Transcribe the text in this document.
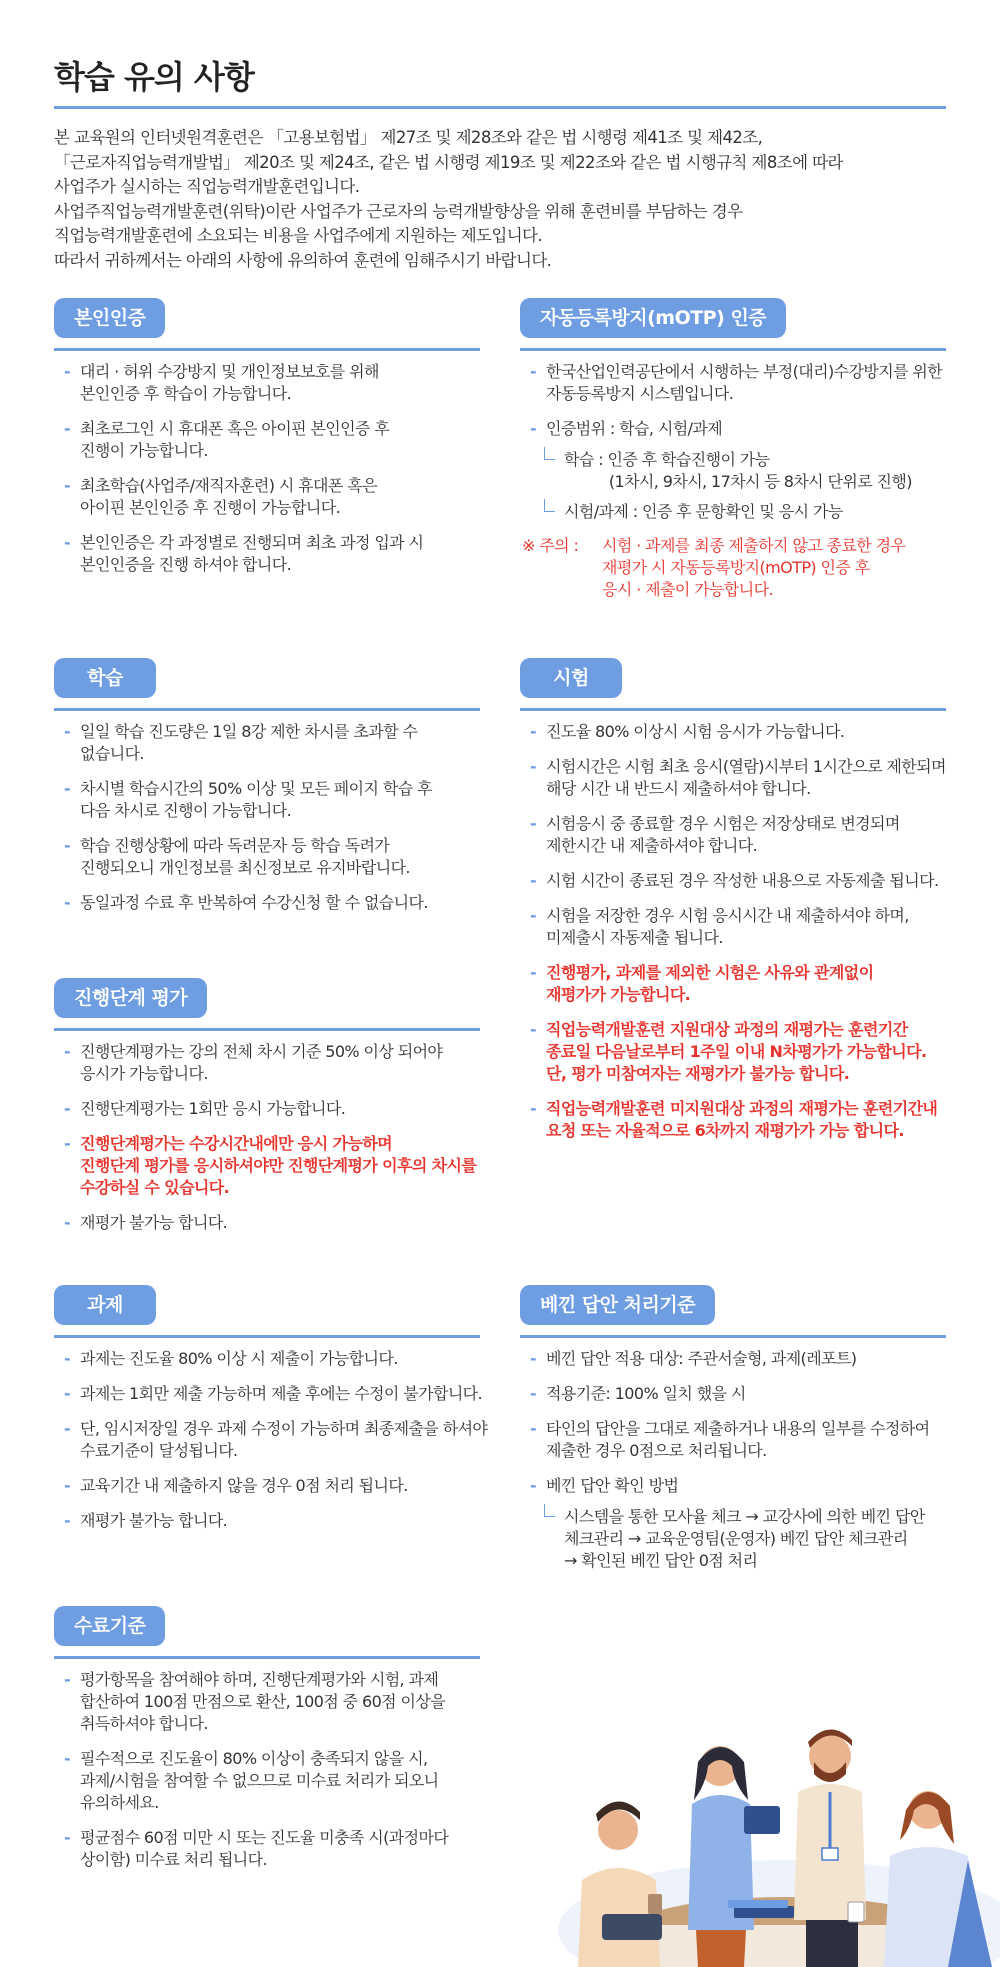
학습 유의 사항
본 교육원의 인터넷원격훈련은 「고용보험법」 제27조 및 제28조와 같은 법 시행령 제41조 및 제42조,
「근로자직업능력개발법」 제20조 및 제24조, 같은 법 시행령 제19조 및 제22조와 같은 법 시행규칙 제8조에 따라
사업주가 실시하는 직업능력개발훈련입니다.
사업주직업능력개발훈련(위탁)이란 사업주가 근로자의 능력개발향상을 위해 훈련비를 부담하는 경우
직업능력개발훈련에 소요되는 비용을 사업주에게 지원하는 제도입니다.
따라서 귀하께서는 아래의 사항에 유의하여 훈련에 임해주시기 바랍니다.
본인인증
- 대리 · 허위 수강방지 및 개인정보보호를 위해
본인인증 후 학습이 가능합니다.
- 최초로그인 시 휴대폰 혹은 아이핀 본인인증 후
진행이 가능합니다.
- 최초학습(사업주/재직자훈련) 시 휴대폰 혹은
아이핀 본인인증 후 진행이 가능합니다.
- 본인인증은 각 과정별로 진행되며 최초 과정 입과 시
본인인증을 진행 하셔야 합니다.
자동등록방지(mOTP) 인증
- 한국산업인력공단에서 시행하는 부정(대리)수강방지를 위한
자동등록방지 시스템입니다.
- 인증범위 : 학습, 시험/과제
학습 : 인증 후 학습진행이 가능
(1차시, 9차시, 17차시 등 8차시 단위로 진행)
시험/과제 : 인증 후 문항확인 및 응시 가능
※ 주의 : 시험 · 과제를 최종 제출하지 않고 종료한 경우
재평가 시 자동등록방지(mOTP) 인증 후
응시 · 제출이 가능합니다.
학습
- 일일 학습 진도량은 1일 8강 제한 차시를 초과할 수
없습니다.
- 차시별 학습시간의 50% 이상 및 모든 페이지 학습 후
다음 차시로 진행이 가능합니다.
- 학습 진행상황에 따라 독려문자 등 학습 독려가
진행되오니 개인정보를 최신정보로 유지바랍니다.
- 동일과정 수료 후 반복하여 수강신청 할 수 없습니다.
시험
- 진도율 80% 이상시 시험 응시가 가능합니다.
- 시험시간은 시험 최초 응시(열람)시부터 1시간으로 제한되며
해당 시간 내 반드시 제출하셔야 합니다.
- 시험응시 중 종료할 경우 시험은 저장상태로 변경되며
제한시간 내 제출하셔야 합니다.
- 시험 시간이 종료된 경우 작성한 내용으로 자동제출 됩니다.
- 시험을 저장한 경우 시험 응시시간 내 제출하셔야 하며,
미제출시 자동제출 됩니다.
- 진행평가, 과제를 제외한 시험은 사유와 관계없이
재평가가 가능합니다.
- 직업능력개발훈련 지원대상 과정의 재평가는 훈련기간
종료일 다음날로부터 1주일 이내 N차평가가 가능합니다.
단, 평가 미참여자는 재평가가 불가능 합니다.
- 직업능력개발훈련 미지원대상 과정의 재평가는 훈련기간내
요청 또는 자율적으로 6차까지 재평가가 가능 합니다.
진행단계 평가
- 진행단계평가는 강의 전체 차시 기준 50% 이상 되어야
응시가 가능합니다.
- 진행단계평가는 1회만 응시 가능합니다.
- 진행단계평가는 수강시간내에만 응시 가능하며
진행단계 평가를 응시하셔야만 진행단계평가 이후의 차시를
수강하실 수 있습니다.
- 재평가 불가능 합니다.
과제
- 과제는 진도율 80% 이상 시 제출이 가능합니다.
- 과제는 1회만 제출 가능하며 제출 후에는 수정이 불가합니다.
- 단, 임시저장일 경우 과제 수정이 가능하며 최종제출을 하셔야
수료기준이 달성됩니다.
- 교육기간 내 제출하지 않을 경우 0점 처리 됩니다.
- 재평가 불가능 합니다.
베낀 답안 처리기준
- 베낀 답안 적용 대상: 주관서술형, 과제(레포트)
- 적용기준: 100% 일치 했을 시
- 타인의 답안을 그대로 제출하거나 내용의 일부를 수정하여
제출한 경우 0점으로 처리됩니다.
- 베낀 답안 확인 방법
시스템을 통한 모사율 체크 → 교강사에 의한 베낀 답안
체크관리 → 교육운영팀(운영자) 베낀 답안 체크관리
→ 확인된 베낀 답안 0점 처리
수료기준
- 평가항목을 참여해야 하며, 진행단계평가와 시험, 과제
합산하여 100점 만점으로 환산, 100점 중 60점 이상을
취득하셔야 합니다.
- 필수적으로 진도율이 80% 이상이 충족되지 않을 시,
과제/시험을 참여할 수 없으므로 미수료 처리가 되오니
유의하세요.
- 평균점수 60점 미만 시 또는 진도율 미충족 시(과정마다
상이함) 미수료 처리 됩니다.
